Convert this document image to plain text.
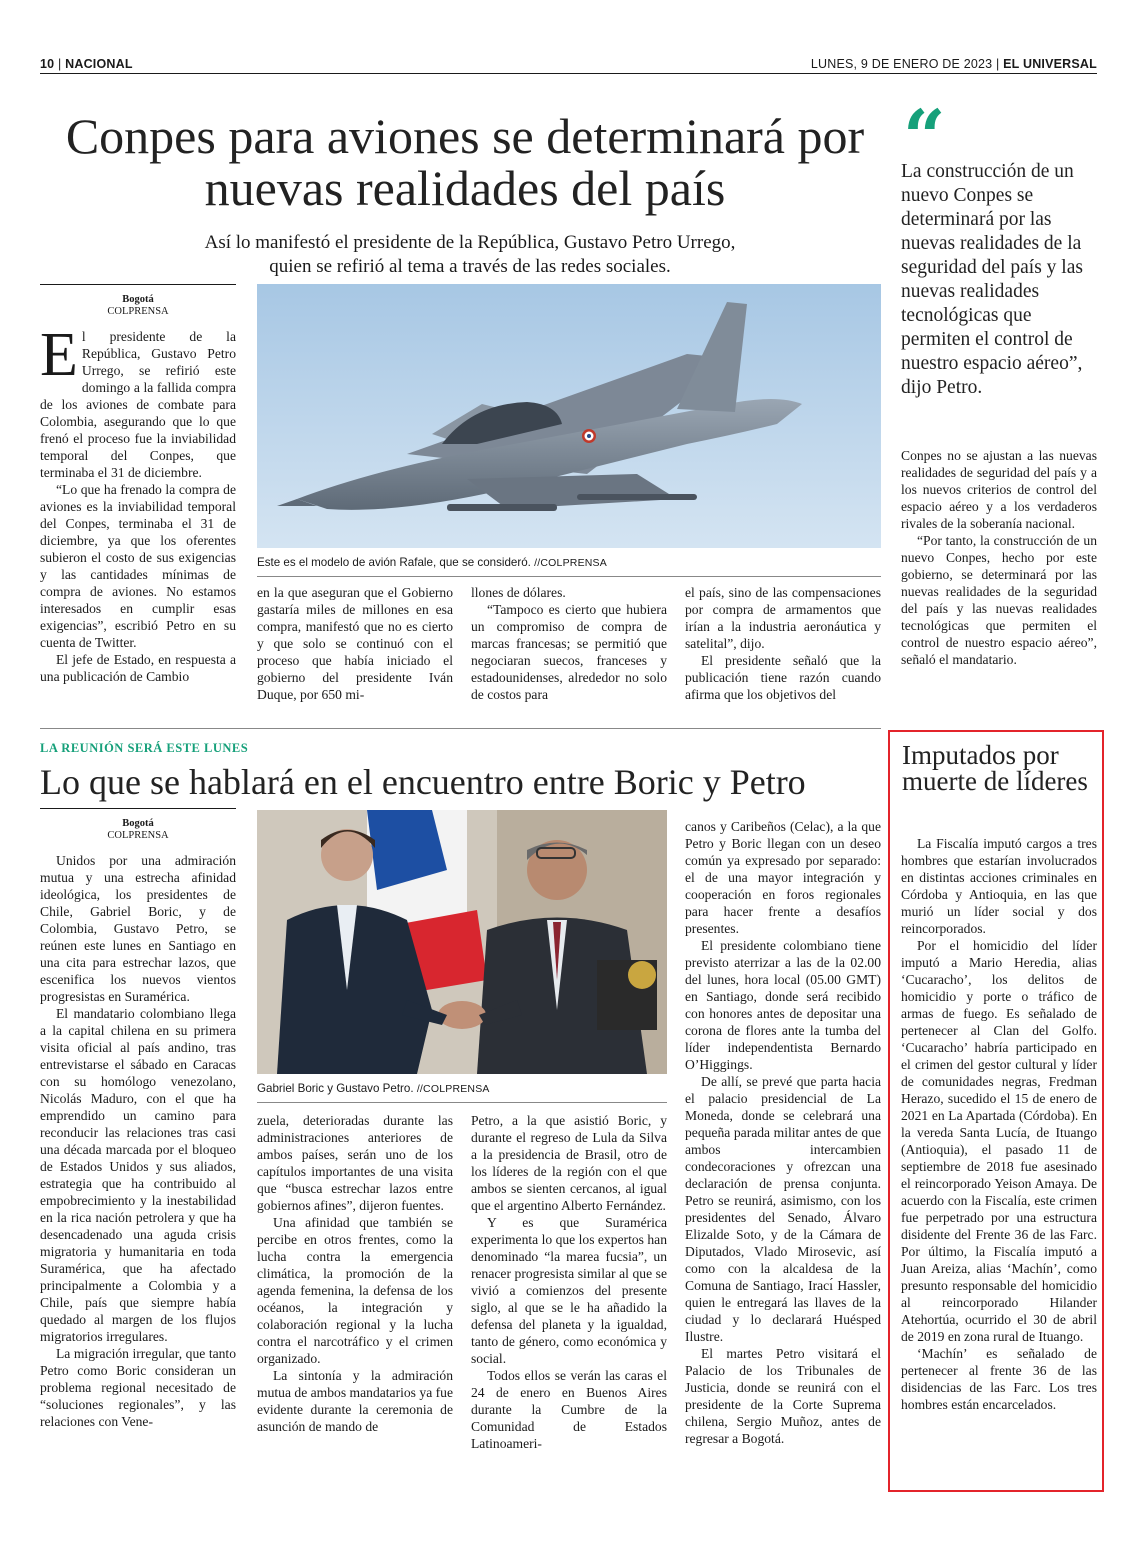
10 | NACIONAL	LUNES, 9 DE ENERO DE 2023 | EL UNIVERSAL
Conpes para aviones se determinará por nuevas realidades del país
Así lo manifestó el presidente de la República, Gustavo Petro Urrego, quien se refirió al tema a través de las redes sociales.
Bogotá
COLPRENSA

El presidente de la República, Gustavo Petro Urrego, se refirió este domingo a la fallida compra de los aviones de combate para Colombia, asegurando que lo que frenó el proceso fue la inviabilidad temporal del Conpes, que terminaba el 31 de diciembre.

“Lo que ha frenado la compra de aviones es la inviabilidad temporal del Conpes, terminaba el 31 de diciembre, ya que los oferentes subieron el costo de sus exigencias y las cantidades mínimas de compra de aviones. No estamos interesados en cumplir esas exigencias”, escribió Petro en su cuenta de Twitter.

El jefe de Estado, en respuesta a una publicación de Cambio

Este es el modelo de avión Rafale, que se consideró. //COLPRENSA

en la que aseguran que el Gobierno gastaría miles de millones en esa compra, manifestó que no es cierto y que solo se continuó con el proceso que había iniciado el gobierno del presidente Iván Duque, por 650 mi-

llones de dólares.

“Tampoco es cierto que hubiera un compromiso de compra de marcas francesas; se permitió que negociaran suecos, franceses y estadounidenses, alrededor no solo de costos para

el país, sino de las compensaciones por compra de armamentos que irían a la industria aeronáutica y satelital”, dijo.

El presidente señaló que la publicación tiene razón cuando afirma que los objetivos del

“
La construcción de un nuevo Conpes se determinará por las nuevas realidades de la seguridad del país y las nuevas realidades tecnológicas que permiten el control de nuestro espacio aéreo”, dijo Petro.

Conpes no se ajustan a las nuevas realidades de seguridad del país y a los nuevos criterios de control del espacio aéreo y a los verdaderos rivales de la soberanía nacional.

“Por tanto, la construcción de un nuevo Conpes, hecho por este gobierno, se determinará por las nuevas realidades de la seguridad del país y las nuevas realidades tecnológicas que permiten el control de nuestro espacio aéreo”, señaló el mandatario.

LA REUNIÓN SERÁ ESTE LUNES
Lo que se hablará en el encuentro entre Boric y Petro
Bogotá
COLPRENSA

Unidos por una admiración mutua y una estrecha afinidad ideológica, los presidentes de Chile, Gabriel Boric, y de Colombia, Gustavo Petro, se reúnen este lunes en Santiago en una cita para estrechar lazos, que escenifica los nuevos vientos progresistas en Suramérica.

El mandatario colombiano llega a la capital chilena en su primera visita oficial al país andino, tras entrevistarse el sábado en Caracas con su homólogo venezolano, Nicolás Maduro, con el que ha emprendido un camino para reconducir las relaciones tras casi una década marcada por el bloqueo de Estados Unidos y sus aliados, estrategia que ha contribuido al empobrecimiento y la inestabilidad en la rica nación petrolera y que ha desencadenado una aguda crisis migratoria y humanitaria en toda Suramérica, que ha afectado principalmente a Colombia y a Chile, país que siempre había quedado al margen de los flujos migratorios irregulares.

La migración irregular, que tanto Petro como Boric consideran un problema regional necesitado de “soluciones regionales”, y las relaciones con Vene-

Gabriel Boric y Gustavo Petro. //COLPRENSA

zuela, deterioradas durante las administraciones anteriores de ambos países, serán uno de los capítulos importantes de una visita que “busca estrechar lazos entre gobiernos afines”, dijeron fuentes.

Una afinidad que también se percibe en otros frentes, como la lucha contra la emergencia climática, la promoción de la agenda femenina, la defensa de los océanos, la integración y colaboración regional y la lucha contra el narcotráfico y el crimen organizado.

La sintonía y la admiración mutua de ambos mandatarios ya fue evidente durante la ceremonia de asunción de mando de

Petro, a la que asistió Boric, y durante el regreso de Lula da Silva a la presidencia de Brasil, otro de los líderes de la región con el que ambos se sienten cercanos, al igual que el argentino Alberto Fernández.

Y es que Suramérica experimenta lo que los expertos han denominado “la marea fucsia”, un renacer progresista similar al que se vivió a comienzos del presente siglo, al que se le ha añadido la defensa del planeta y la igualdad, tanto de género, como económica y social.

Todos ellos se verán las caras el 24 de enero en Buenos Aires durante la Cumbre de la Comunidad de Estados Latinoameri-

canos y Caribeños (Celac), a la que Petro y Boric llegan con un deseo común ya expresado por separado: el de una mayor integración y cooperación en foros regionales para hacer frente a desafíos presentes.

El presidente colombiano tiene previsto aterrizar a las de la 02.00 del lunes, hora local (05.00 GMT) en Santiago, donde será recibido con honores antes de depositar una corona de flores ante la tumba del líder independentista Bernardo O’Higgings.

De allí, se prevé que parta hacia el palacio presidencial de La Moneda, donde se celebrará una pequeña parada militar antes de que ambos intercambien condecoraciones y ofrezcan una declaración de prensa conjunta. Petro se reunirá, asimismo, con los presidentes del Senado, Álvaro Elizalde Soto, y de la Cámara de Diputados, Vlado Mirosevic, así como con la alcaldesa de la Comuna de Santiago, Iracı́ Hassler, quien le entregará las llaves de la ciudad y lo declarará Huésped Ilustre.

El martes Petro visitará el Palacio de los Tribunales de Justicia, donde se reunirá con el presidente de la Corte Suprema chilena, Sergio Muñoz, antes de regresar a Bogotá.

Imputados por muerte de líderes

La Fiscalía imputó cargos a tres hombres que estarían involucrados en distintas acciones criminales en Córdoba y Antioquia, en las que murió un líder social y dos reincorporados.

Por el homicidio del líder imputó a Mario Heredia, alias ‘Cucaracho’, los delitos de homicidio y porte o tráfico de armas de fuego. Es señalado de pertenecer al Clan del Golfo. ‘Cucaracho’ habría participado en el crimen del gestor cultural y líder de comunidades negras, Fredman Herazo, sucedido el 15 de enero de 2021 en La Apartada (Córdoba). En la vereda Santa Lucía, de Ituango (Antioquia), el pasado 11 de septiembre de 2018 fue asesinado el reincorporado Yeison Amaya. De acuerdo con la Fiscalía, este crimen fue perpetrado por una estructura disidente del Frente 36 de las Farc. Por último, la Fiscalía imputó a Juan Areiza, alias ‘Machín’, como presunto responsable del homicidio al reincorporado Hilander Atehortúa, ocurrido el 30 de abril de 2019 en zona rural de Ituango.

‘Machín’ es señalado de pertenecer al frente 36 de las disidencias de las Farc. Los tres hombres están encarcelados.
